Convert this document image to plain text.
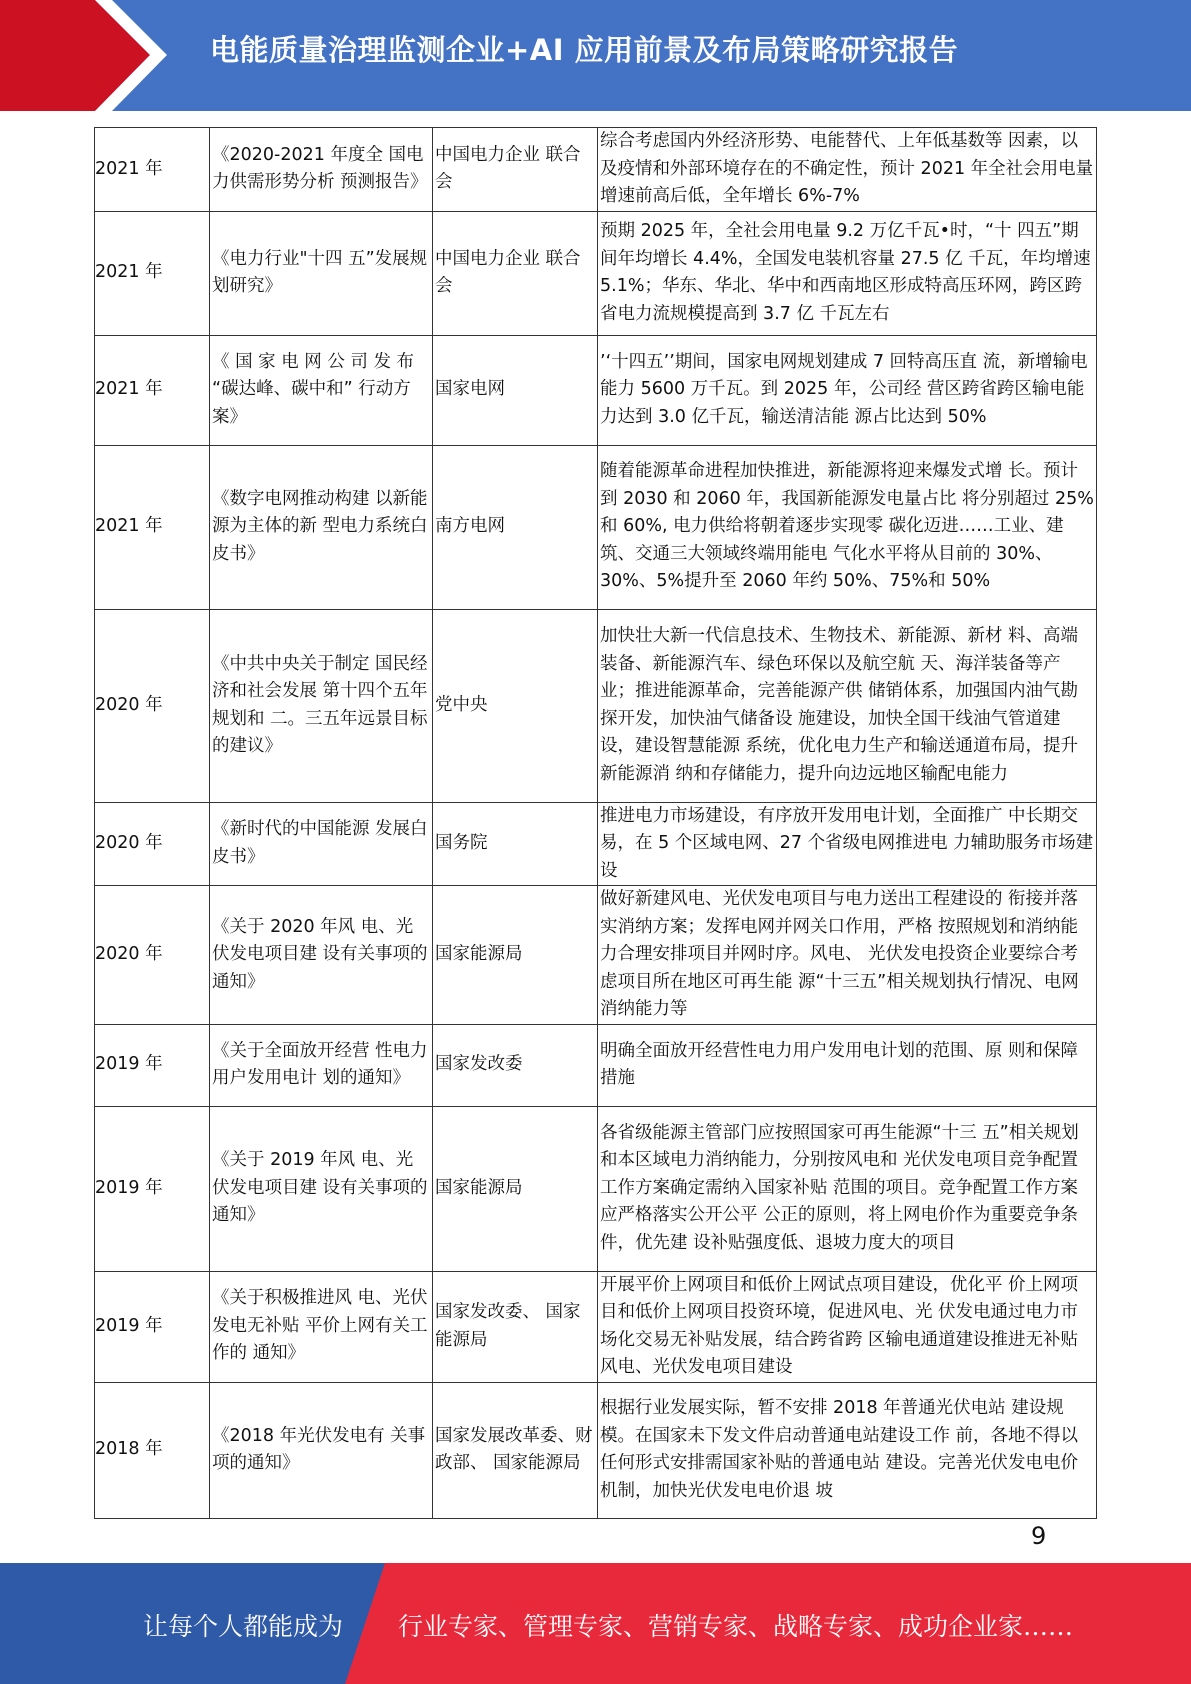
电能质量治理监测企业+AI 应用前景及布局策略研究报告
2021 年	《2020-2021 年度全 国电力供需形势分析 预测报告》	中国电力企业 联合会	综合考虑国内外经济形势、电能替代、上年低基数等 因素，以及疫情和外部环境存在的不确定性，预计 2021 年全社会用电量增速前高后低，全年增长 6%-7%
2021 年	《电力行业"十四 五”发展规划研究》	中国电力企业 联合会	预期 2025 年，全社会用电量 9.2 万亿千瓦•时，“十 四五”期间年均增长 4.4%，全国发电装机容量 27.5 亿 千瓦，年均增速 5.1%；华东、华北、华中和西南地区形成特高压环网，跨区跨省电力流规模提高到 3.7 亿 千瓦左右
2021 年	《 国 家 电 网 公 司 发 布 “碳达峰、碳中和” 行动方案》	国家电网	’‘十四五’’期间，国家电网规划建成 7 回特高压直 流，新增输电能力 5600 万千瓦。到 2025 年，公司经 营区跨省跨区输电能力达到 3.0 亿千瓦，输送清洁能 源占比达到 50%
2021 年	《数字电网推动构建 以新能源为主体的新 型电力系统白皮书》	南方电网	随着能源革命进程加快推进，新能源将迎来爆发式增 长。预计到 2030 和 2060 年，我国新能源发电量占比 将分别超过 25%和 60%, 电力供给将朝着逐步实现零 碳化迈进……工业、建筑、交通三大领域终端用能电 气化水平将从目前的 30%、30%、5%提升至 2060 年约 50%、75%和 50%
2020 年	《中共中央关于制定 国民经济和社会发展 第十四个五年规划和 二。三五年远景目标 的建议》	党中央	加快壮大新一代信息技术、生物技术、新能源、新材 料、高端装备、新能源汽车、绿色环保以及航空航 天、海洋装备等产业；推进能源革命，完善能源产供 储销体系，加强国内油气勘探开发，加快油气储备设 施建设，加快全国干线油气管道建设，建设智慧能源 系统，优化电力生产和输送通道布局，提升新能源消 纳和存储能力，提升向边远地区输配电能力
2020 年	《新时代的中国能源 发展白皮书》	国务院	推进电力市场建设，有序放开发用电计划，全面推广 中长期交易，在 5 个区域电网、27 个省级电网推进电 力辅助服务市场建设
2020 年	《关于 2020 年风 电、光伏发电项目建 设有关事项的通知》	国家能源局	做好新建风电、光伏发电项目与电力送出工程建设的 衔接并落实消纳方案；发挥电网并网关口作用，严格 按照规划和消纳能力合理安排项目并网时序。风电、 光伏发电投资企业要综合考虑项目所在地区可再生能 源“十三五”相关规划执行情况、电网消纳能力等
2019 年	《关于全面放开经营 性电力用户发用电计 划的通知》	国家发改委	明确全面放开经营性电力用户发用电计划的范围、原 则和保障措施
2019 年	《关于 2019 年风 电、光伏发电项目建 设有关事项的通知》	国家能源局	各省级能源主管部门应按照国家可再生能源“十三 五”相关规划和本区域电力消纳能力，分别按风电和 光伏发电项目竞争配置工作方案确定需纳入国家补贴 范围的项目。竞争配置工作方案应严格落实公开公平 公正的原则，将上网电价作为重要竞争条件，优先建 设补贴强度低、退坡力度大的项目
2019 年	《关于积极推进风 电、光伏发电无补贴 平价上网有关工作的 通知》	国家发改委、 国家能源局	开展平价上网项目和低价上网试点项目建设，优化平 价上网项目和低价上网项目投资环境，促进风电、光 伏发电通过电力市场化交易无补贴发展，结合跨省跨 区输电通道建设推进无补贴风电、光伏发电项目建设
2018 年	《2018 年光伏发电有 关事项的通知》	国家发展改革委、财政部、 国家能源局	根据行业发展实际，暂不安排 2018 年普通光伏电站 建设规模。在国家未下发文件启动普通电站建设工作 前，各地不得以任何形式安排需国家补贴的普通电站 建设。完善光伏发电电价机制，加快光伏发电电价退 坡
9
让每个人都能成为 行业专家、管理专家、营销专家、战略专家、成功企业家……
